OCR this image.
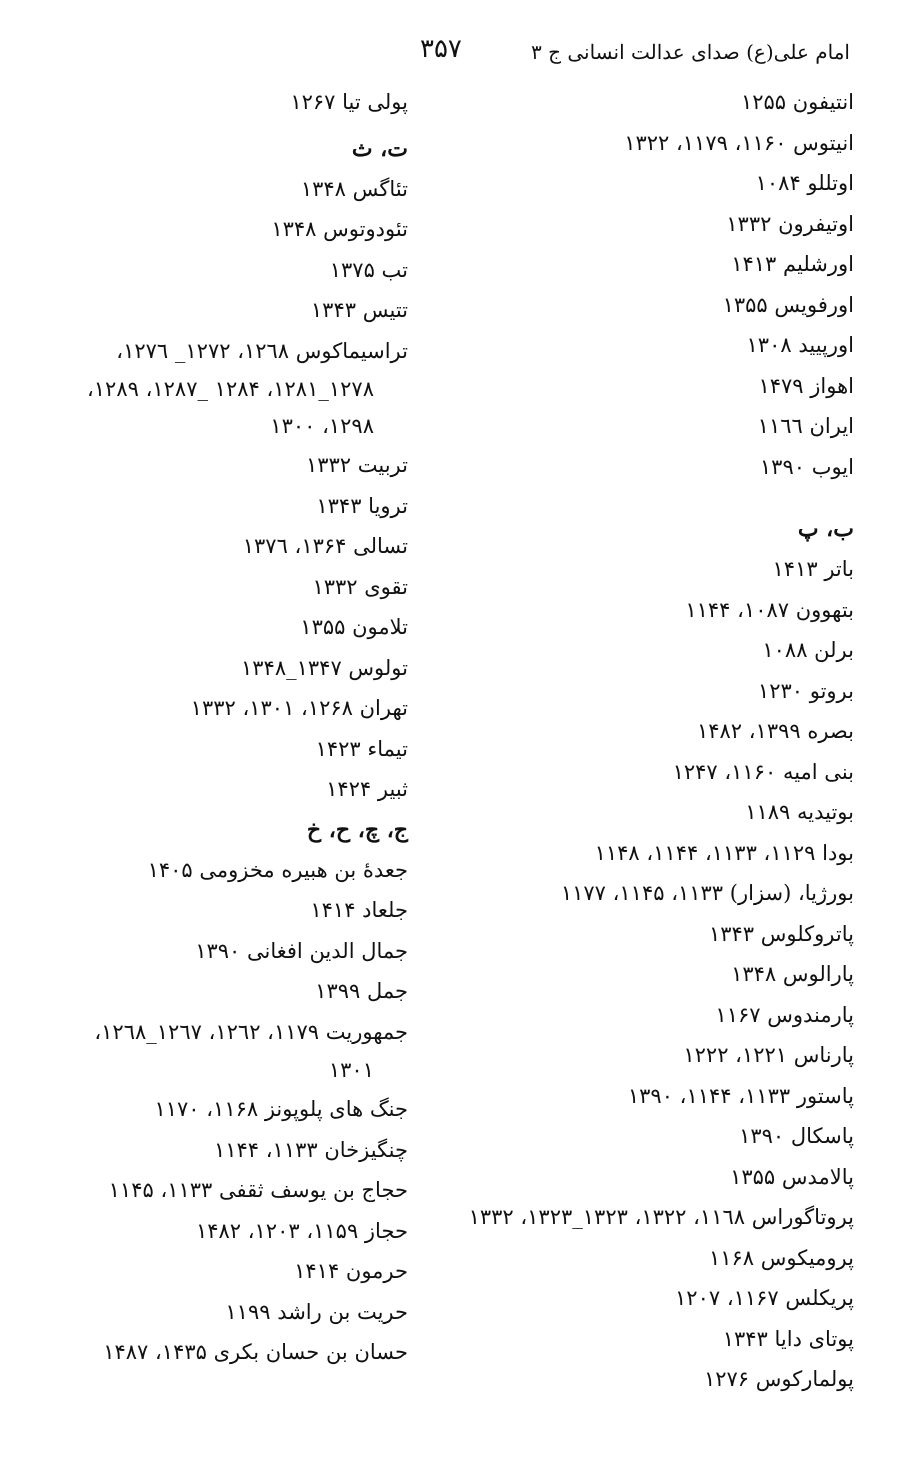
امام علی(ع) صدای عدالت انسانی ج ۳
۳۵۷
انتیفون ۱۲۵۵
انیتوس ۱۱۶۰، ۱۱۷۹، ۱۳۲۲
اوتللو ۱۰۸۴
اوتیفرون ۱۳۳۲
اورشلیم ۱۴۱۳
اورفویس ۱۳۵۵
اورپیید ۱۳۰۸
اهواز ۱۴۷۹
ایران ۱۱٦٦
ایوب ۱۳۹۰
ب، پ
باتر ۱۴۱۳
بتهوون ۱۰۸۷، ۱۱۴۴
برلن ۱۰۸۸
بروتو ۱۲۳۰
بصره ۱۳۹۹، ۱۴۸۲
بنی امیه ۱۱۶۰، ۱۲۴۷
بوتیدیه ۱۱۸۹
بودا ۱۱۲۹، ۱۱۳۳، ۱۱۴۴، ۱۱۴۸
بورژیا، (سزار) ۱۱۳۳، ۱۱۴۵، ۱۱۷۷
پاتروکلوس ۱۳۴۳
پارالوس ۱۳۴۸
پارمندوس ۱۱۶۷
پارناس ۱۲۲۱، ۱۲۲۲
پاستور ۱۱۳۳، ۱۱۴۴، ۱۳۹۰
پاسکال ۱۳۹۰
پالامدس ۱۳۵۵
پروتاگوراس ۱۱٦۸، ۱۳۲۲، ۱۳۲۳_۱۳۲۳، ۱۳۳۲
پرومیکوس ۱۱۶۸
پریکلس ۱۱۶۷، ۱۲۰۷
پوتای دایا ۱۳۴۳
پولمارکوس ۱۲۷۶
پولی تیا ۱۲۶۷
ت، ث
تئاگس ۱۳۴۸
تئودوتوس ۱۳۴۸
تب ۱۳۷۵
تتیس ۱۳۴۳
تراسیماکوس ۱۲٦۸، ۱۲۷۲_ ۱۲۷٦،
۱۲۷۸_۱۲۸۱، ۱۲۸۴ _۱۲۸۷، ۱۲۸۹،
۱۲۹۸، ۱۳۰۰
تربیت ۱۳۳۲
ترویا ۱۳۴۳
تسالی ۱۳۶۴، ۱۳۷٦
تقوی ۱۳۳۲
تلامون ۱۳۵۵
تولوس ۱۳۴۷_۱۳۴۸
تهران ۱۲۶۸، ۱۳۰۱، ۱۳۳۲
تیماء ۱۴۲۳
ثبیر ۱۴۲۴
ج، چ، ح، خ
جعدهٔ بن هبیره مخزومی ۱۴۰۵
جلعاد ۱۴۱۴
جمال الدین افغانی ۱۳۹۰
جمل ۱۳۹۹
جمهوریت ۱۱۷۹، ۱۲٦۲، ۱۲٦۷_۱۲٦۸،
۱۳۰۱
جنگ های پلوپونز ۱۱۶۸، ۱۱۷۰
چنگیزخان ۱۱۳۳، ۱۱۴۴
حجاج بن یوسف ثقفی ۱۱۳۳، ۱۱۴۵
حجاز ۱۱۵۹، ۱۲۰۳، ۱۴۸۲
حرمون ۱۴۱۴
حریت بن راشد ۱۱۹۹
حسان بن حسان بکری ۱۴۳۵، ۱۴۸۷
